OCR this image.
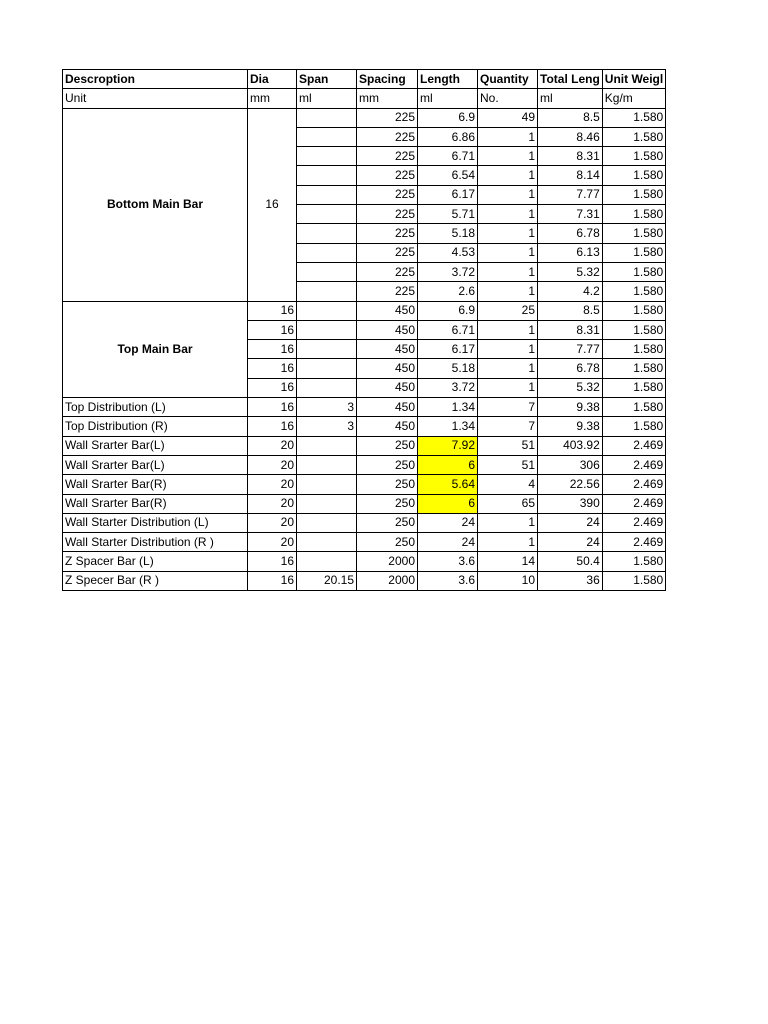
Descroption	Dia	Span	Spacing	Length	Quantity	Total Leng	Unit Weigl
Unit	mm	ml	mm	ml	No.	ml	Kg/m
Bottom Main Bar	16		225	6.9	49	8.5	1.580
			225	6.86	1	8.46	1.580
			225	6.71	1	8.31	1.580
			225	6.54	1	8.14	1.580
			225	6.17	1	7.77	1.580
			225	5.71	1	7.31	1.580
			225	5.18	1	6.78	1.580
			225	4.53	1	6.13	1.580
			225	3.72	1	5.32	1.580
			225	2.6	1	4.2	1.580
Top Main Bar	16		450	6.9	25	8.5	1.580
	16		450	6.71	1	8.31	1.580
	16		450	6.17	1	7.77	1.580
	16		450	5.18	1	6.78	1.580
	16		450	3.72	1	5.32	1.580
Top Distribution (L)	16	3	450	1.34	7	9.38	1.580
Top Distribution (R)	16	3	450	1.34	7	9.38	1.580
Wall Srarter Bar(L)	20		250	7.92	51	403.92	2.469
Wall Srarter Bar(L)	20		250	6	51	306	2.469
Wall Srarter Bar(R)	20		250	5.64	4	22.56	2.469
Wall Srarter Bar(R)	20		250	6	65	390	2.469
Wall Starter Distribution (L)	20		250	24	1	24	2.469
Wall Starter Distribution (R )	20		250	24	1	24	2.469
Z Spacer Bar (L)	16		2000	3.6	14	50.4	1.580
Z Specer Bar (R )	16	20.15	2000	3.6	10	36	1.580
